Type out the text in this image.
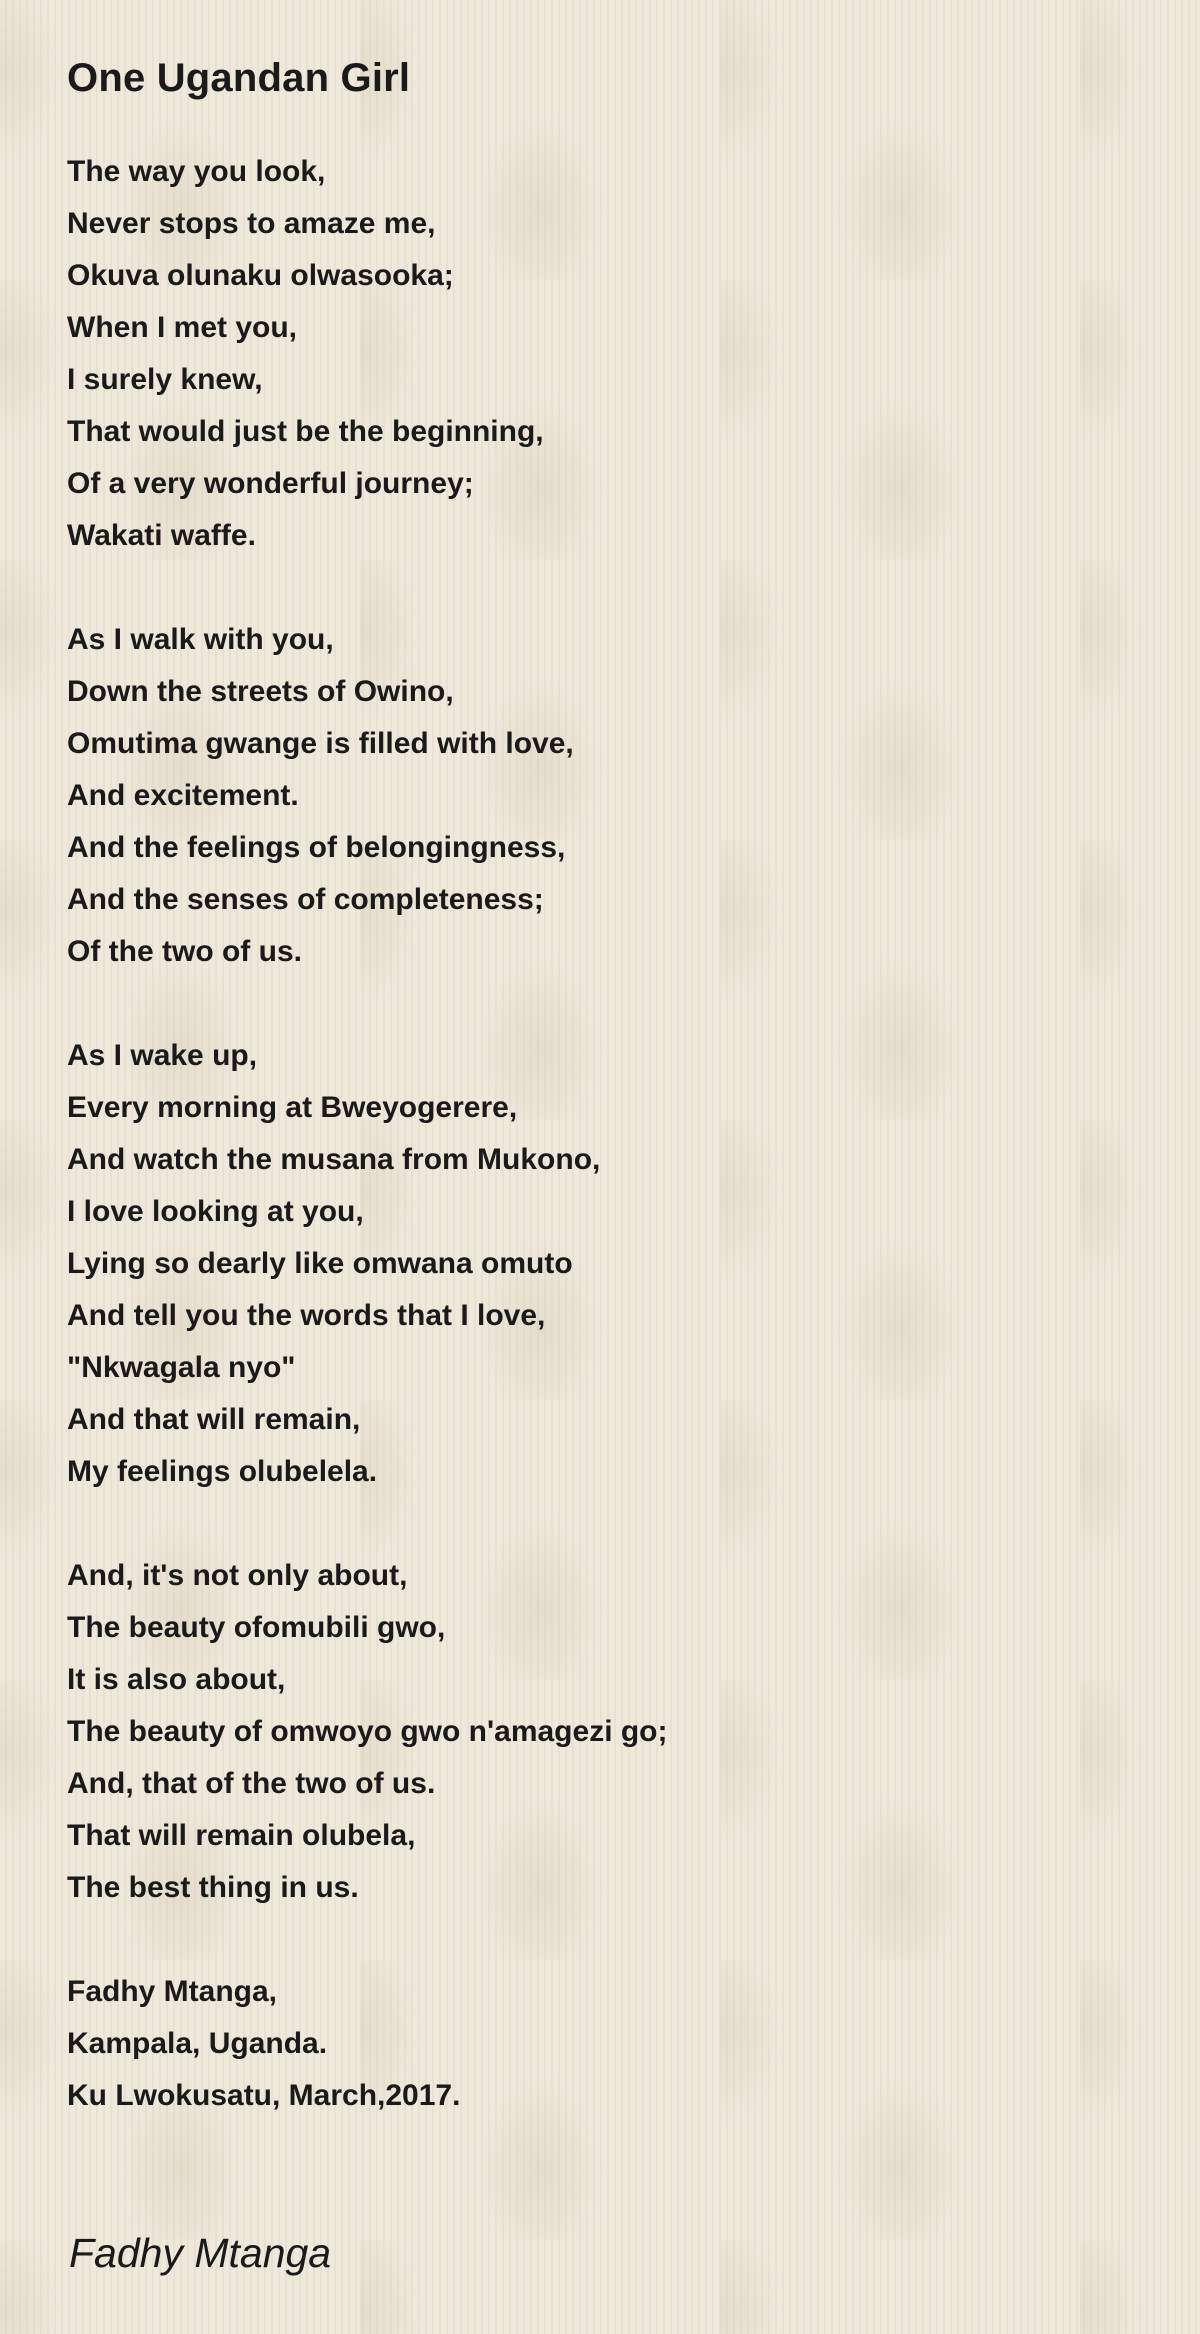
One Ugandan Girl
The way you look,
Never stops to amaze me,
Okuva olunaku olwasooka;
When I met you,
I surely knew,
That would just be the beginning,
Of a very wonderful journey;
Wakati waffe.
As I walk with you,
Down the streets of Owino,
Omutima gwange is filled with love,
And excitement.
And the feelings of belongingness,
And the senses of completeness;
Of the two of us.
As I wake up,
Every morning at Bweyogerere,
And watch the musana from Mukono,
I love looking at you,
Lying so dearly like omwana omuto
And tell you the words that I love,
"Nkwagala nyo"
And that will remain,
My feelings olubelela.
And, it's not only about,
The beauty ofomubili gwo,
It is also about,
The beauty of omwoyo gwo n'amagezi go;
And, that of the two of us.
That will remain olubela,
The best thing in us.
Fadhy Mtanga,
Kampala, Uganda.
Ku Lwokusatu, March,2017.
Fadhy Mtanga
